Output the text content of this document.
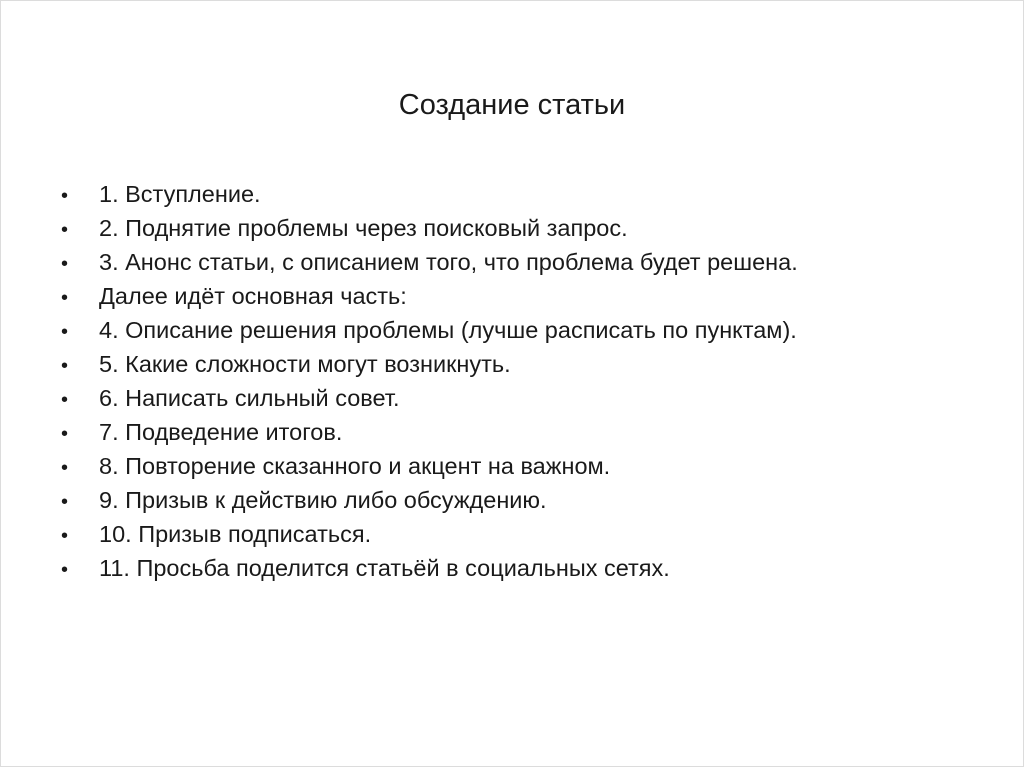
Создание статьи
•	1. Вступление.
•	2. Поднятие проблемы через поисковый запрос.
•	3. Анонс статьи, с описанием того, что проблема будет решена.
•	Далее идёт основная часть:
•	4. Описание решения проблемы (лучше расписать по пунктам).
•	5. Какие сложности могут возникнуть.
•	6. Написать сильный совет.
•	7. Подведение итогов.
•	8. Повторение сказанного и акцент на важном.
•	9. Призыв к действию либо обсуждению.
•	10. Призыв подписаться.
•	11. Просьба поделится статьёй в социальных сетях.
